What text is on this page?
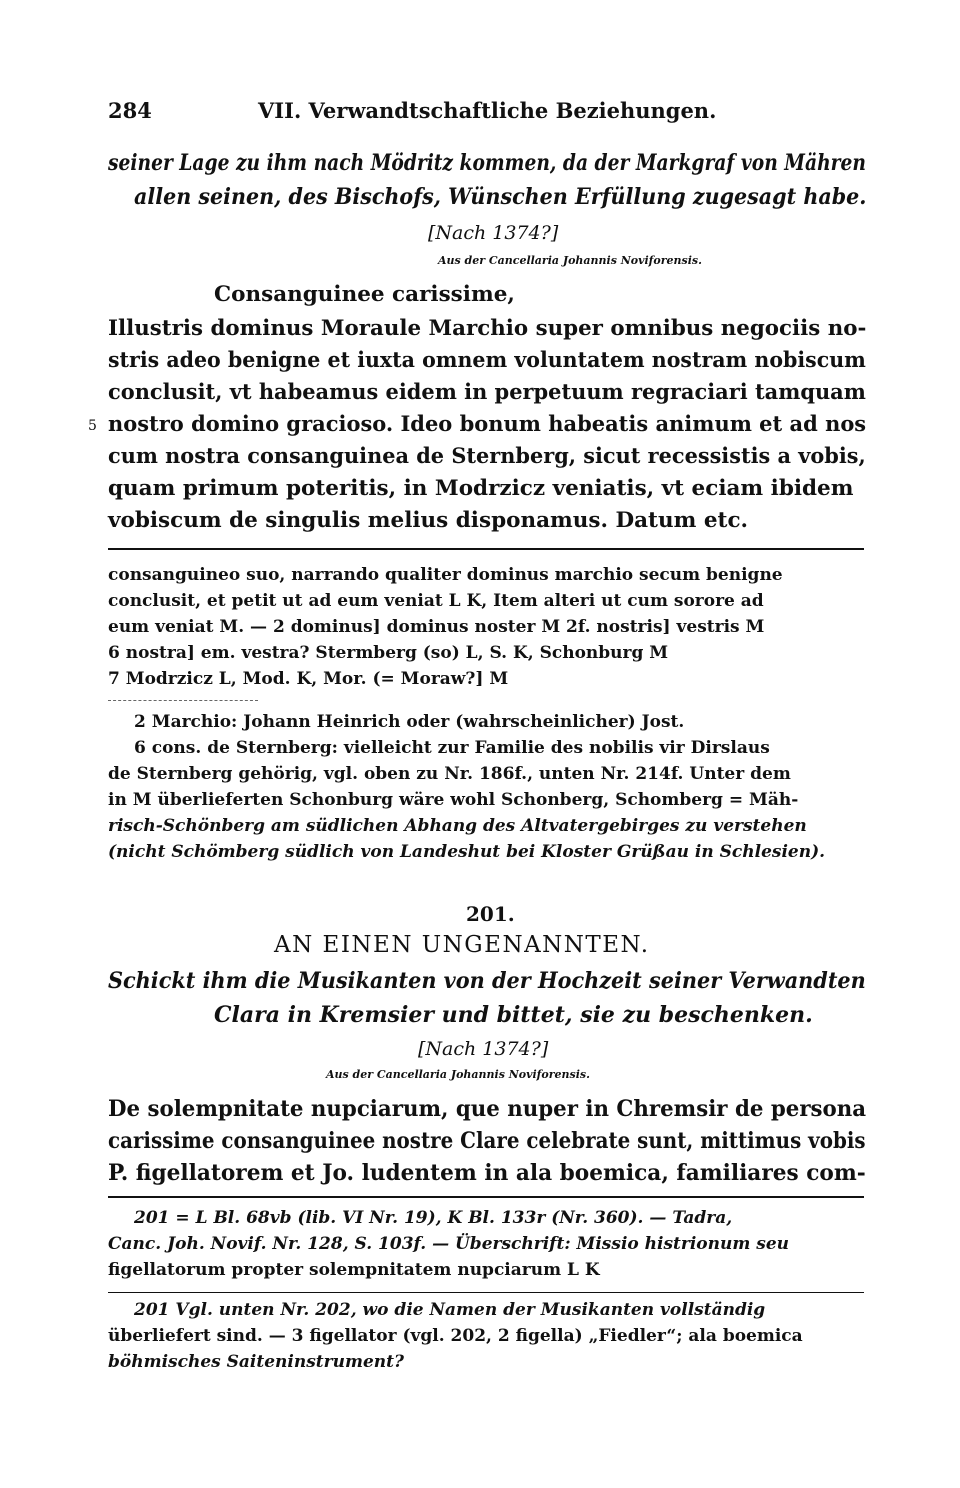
284	VII. Verwandtschaftliche Beziehungen.
seiner Lage zu ihm nach Mödritz kommen, da der Markgraf von Mähren
allen seinen, des Bischofs, Wünschen Erfüllung zugesagt habe.
[Nach 1374?]
Aus der Cancellaria Johannis Noviforensis.
Consanguinee carissime,
Illustris dominus Moraule Marchio super omnibus negociis no-
stris adeo benigne et iuxta omnem voluntatem nostram nobiscum
conclusit, vt habeamus eidem in perpetuum regraciari tamquam
5 nostro domino gracioso. Ideo bonum habeatis animum et ad nos
cum nostra consanguinea de Sternberg, sicut recessistis a vobis,
quam primum poteritis, in Modrzicz veniatis, vt eciam ibidem
vobiscum de singulis melius disponamus. Datum etc.
consanguineo suo, narrando qualiter dominus marchio secum benigne
conclusit, et petit ut ad eum veniat L K, Item alteri ut cum sorore ad
eum veniat M. — 2 dominus] dominus noster M 2f. nostris] vestris M
6 nostra] em. vestra? Stermberg (so) L, S. K, Schonburg M
7 Modrzicz L, Mod. K, Mor. (= Moraw?] M
2 Marchio: Johann Heinrich oder (wahrscheinlicher) Jost.
6 cons. de Sternberg: vielleicht zur Familie des nobilis vir Dirslaus
de Sternberg gehörig, vgl. oben zu Nr. 186f., unten Nr. 214f. Unter dem
in M überlieferten Schonburg wäre wohl Schonberg, Schomberg = Mäh-
risch-Schönberg am südlichen Abhang des Altvatergebirges zu verstehen
(nicht Schömberg südlich von Landeshut bei Kloster Grüßau in Schlesien).
201.
AN EINEN UNGENANNTEN.
Schickt ihm die Musikanten von der Hochzeit seiner Verwandten
Clara in Kremsier und bittet, sie zu beschenken.
[Nach 1374?]
Aus der Cancellaria Johannis Noviforensis.
De solempnitate nupciarum, que nuper in Chremsir de persona
carissime consanguinee nostre Clare celebrate sunt, mittimus vobis
P. figellatorem et Jo. ludentem in ala boemica, familiares com-
201 = L Bl. 68vb (lib. VI Nr. 19), K Bl. 133r (Nr. 360). — Tadra,
Canc. Joh. Novif. Nr. 128, S. 103f. — Überschrift: Missio histrionum seu
figellatorum propter solempnitatem nupciarum L K
201 Vgl. unten Nr. 202, wo die Namen der Musikanten vollständig
überliefert sind. — 3 figellator (vgl. 202, 2 figella) „Fiedler“; ala boemica
böhmisches Saiteninstrument?
